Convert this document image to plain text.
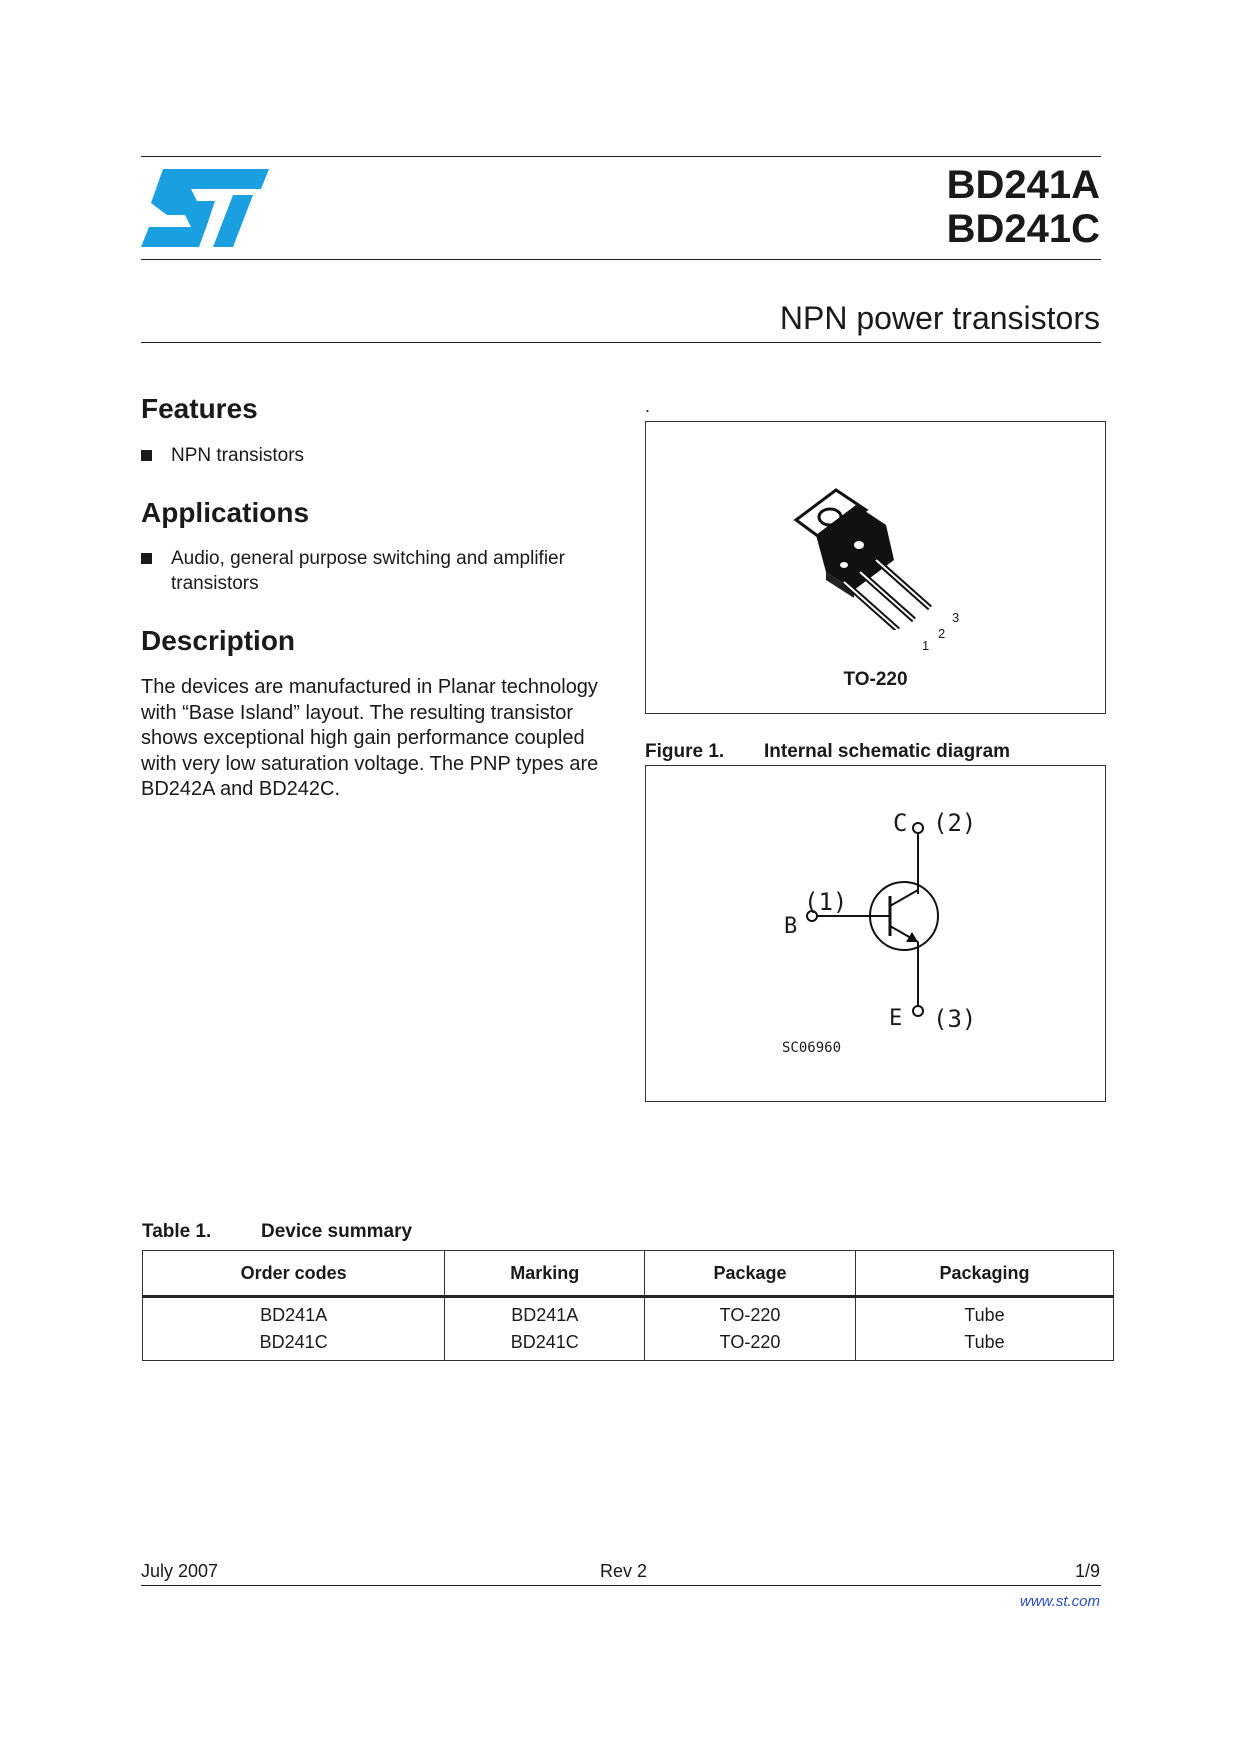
BD241A
BD241C
NPN power transistors
Features
NPN transistors
Applications
Audio, general purpose switching and amplifier
transistors
Description
The devices are manufactured in Planar technology with “Base Island” layout. The resulting transistor shows exceptional high gain performance coupled with very low saturation voltage. The PNP types are BD242A and BD242C.
.
1
2
3
TO-220
Figure 1. Internal schematic diagram
C (2)
(1)
B
E (3)
SC06960
Table 1.	Device summary
Order codes	Marking	Package	Packaging
BD241A	BD241A	TO-220	Tube
BD241C	BD241C	TO-220	Tube
July 2007	Rev 2	1/9
www.st.com
